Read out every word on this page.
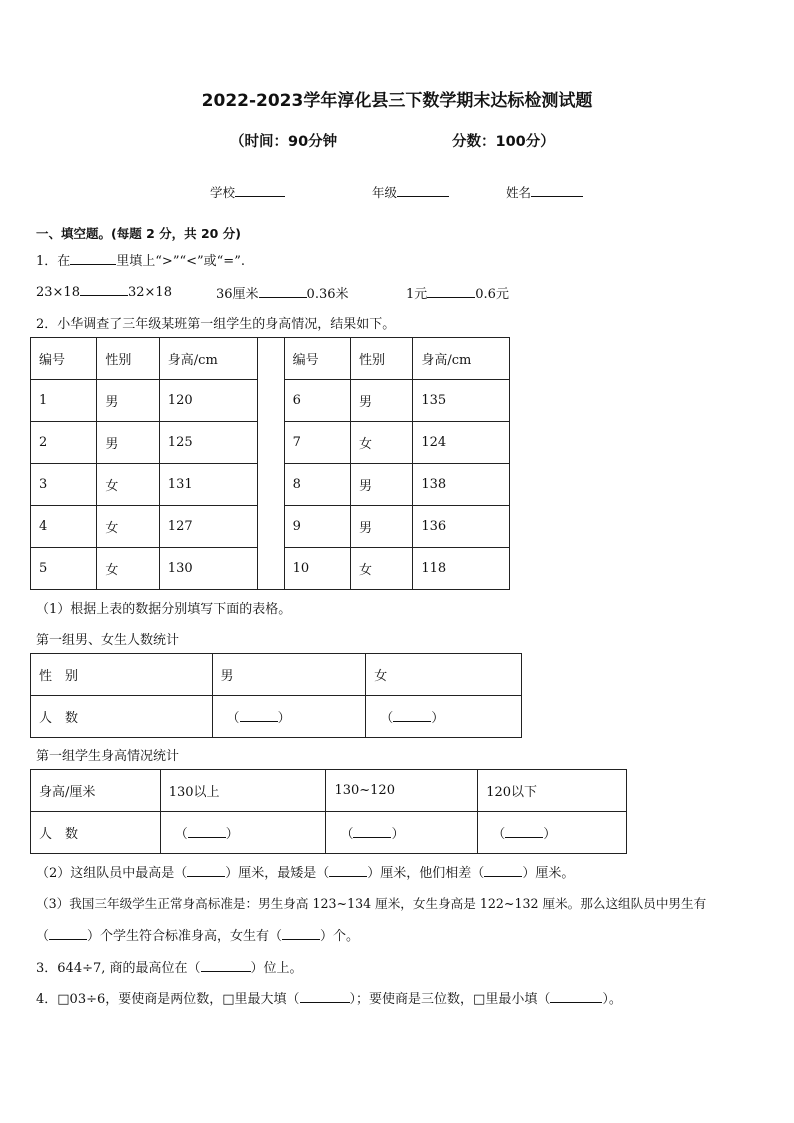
2022-2023学年淳化县三下数学期末达标检测试题
（时间：90分钟	分数：100分）
学校	年级	姓名
一、填空题。(每题 2 分，共 20 分)
1．在	里填上“>”“<”或“=”.
23×18	32×18	36厘米	0.36米	1元	0.6元
2．小华调查了三年级某班第一组学生的身高情况，结果如下。
编号	性别	身高/cm		编号	性别	身高/cm
1	男	120		6	男	135
2	男	125		7	女	124
3	女	131		8	男	138
4	女	127		9	男	136
5	女	130		10	女	118
（1）根据上表的数据分别填写下面的表格。
第一组男、女生人数统计
性　别	男	女
人　数	（ ）	（ ）
第一组学生身高情况统计
身高/厘米	130以上	130~120	120以下
人　数	（ ）	（ ）	（ ）
（2）这组队员中最高是（	）厘米，最矮是（	）厘米，他们相差（	）厘米。
（3）我国三年级学生正常身高标准是：男生身高 123~134 厘米，女生身高是 122~132 厘米。那么这组队员中男生有
（	）个学生符合标准身高，女生有（	）个。
3．644÷7, 商的最高位在（	）位上。
4．□03÷6，要使商是两位数，□里最大填（	）；要使商是三位数，□里最小填（	）。
